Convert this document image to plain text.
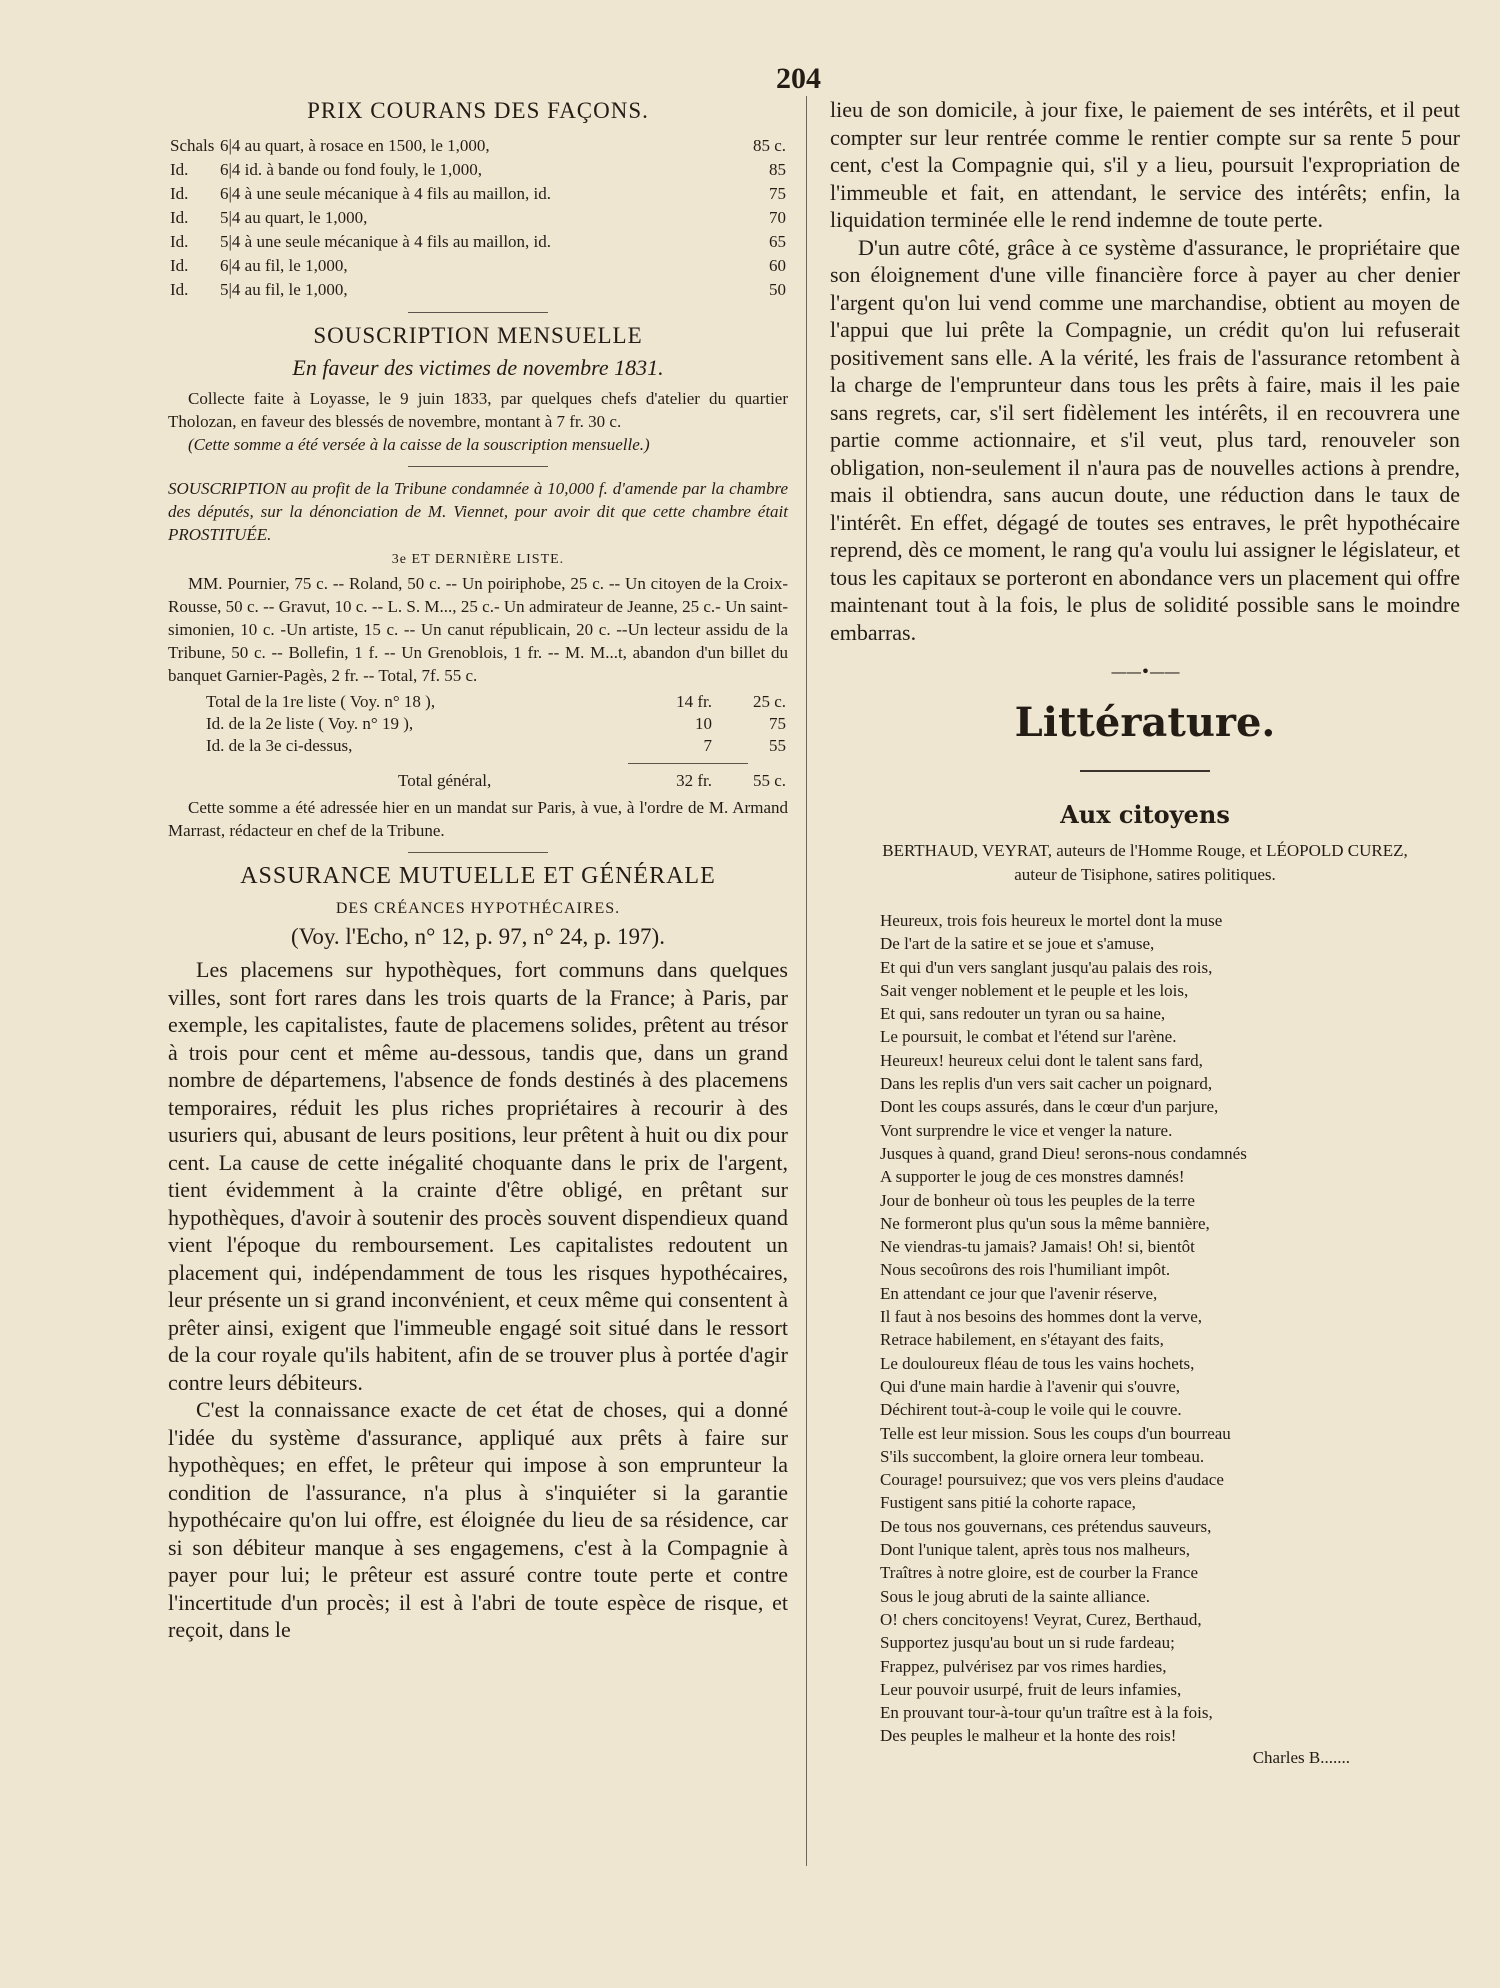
204
PRIX COURANS DES FAÇONS.
Schals	6|4 au quart, à rosace en 1500, le 1,000,	85 c.
Id.	6|4 id. à bande ou fond fouly, le 1,000,	85
Id.	6|4 à une seule mécanique à 4 fils au maillon, id.	75
Id.	5|4 au quart, le 1,000,	70
Id.	5|4 à une seule mécanique à 4 fils au maillon, id.	65
Id.	6|4 au fil, le 1,000,	60
Id.	5|4 au fil, le 1,000,	50
SOUSCRIPTION MENSUELLE
En faveur des victimes de novembre 1831.
Collecte faite à Loyasse, le 9 juin 1833, par quelques chefs d'atelier du quartier Tholozan, en faveur des blessés de novembre, montant à 7 fr. 30 c.
(Cette somme a été versée à la caisse de la souscription mensuelle.)
SOUSCRIPTION au profit de la Tribune condamnée à 10,000 f. d'amende par la chambre des députés, sur la dénonciation de M. Viennet, pour avoir dit que cette chambre était PROSTITUÉE.
3e ET DERNIÈRE LISTE.
MM. Pournier, 75 c. -- Roland, 50 c. -- Un poiriphobe, 25 c. -- Un citoyen de la Croix-Rousse, 50 c. -- Gravut, 10 c. -- L. S. M..., 25 c.- Un admirateur de Jeanne, 25 c.- Un saint-simonien, 10 c. -Un artiste, 15 c. -- Un canut républicain, 20 c. --Un lecteur assidu de la Tribune, 50 c. -- Bollefin, 1 f. -- Un Grenoblois, 1 fr. -- M. M...t, abandon d'un billet du banquet Garnier-Pagès, 2 fr. -- Total, 7f. 55 c.
Total de la 1re liste ( Voy. n° 18 ),	14 fr.	25 c.
Id. de la 2e liste ( Voy. n° 19 ),	10	75
Id. de la 3e ci-dessus,	7	55
Total général,	32 fr.	55 c.
Cette somme a été adressée hier en un mandat sur Paris, à vue, à l'ordre de M. Armand Marrast, rédacteur en chef de la Tribune.
ASSURANCE MUTUELLE ET GÉNÉRALE
DES CRÉANCES HYPOTHÉCAIRES.
(Voy. l'Echo, n° 12, p. 97, n° 24, p. 197).

Les placemens sur hypothèques, fort communs dans quelques villes, sont fort rares dans les trois quarts de la France; à Paris, par exemple, les capitalistes, faute de placemens solides, prêtent au trésor à trois pour cent et même au-dessous, tandis que, dans un grand nombre de départemens, l'absence de fonds destinés à des placemens temporaires, réduit les plus riches propriétaires à recourir à des usuriers qui, abusant de leurs positions, leur prêtent à huit ou dix pour cent. La cause de cette inégalité choquante dans le prix de l'argent, tient évidemment à la crainte d'être obligé, en prêtant sur hypothèques, d'avoir à soutenir des procès souvent dispendieux quand vient l'époque du remboursement. Les capitalistes redoutent un placement qui, indépendamment de tous les risques hypothécaires, leur présente un si grand inconvénient, et ceux même qui consentent à prêter ainsi, exigent que l'immeuble engagé soit situé dans le ressort de la cour royale qu'ils habitent, afin de se trouver plus à portée d'agir contre leurs débiteurs.

C'est la connaissance exacte de cet état de choses, qui a donné l'idée du système d'assurance, appliqué aux prêts à faire sur hypothèques; en effet, le prêteur qui impose à son emprunteur la condition de l'assurance, n'a plus à s'inquiéter si la garantie hypothécaire qu'on lui offre, est éloignée du lieu de sa résidence, car si son débiteur manque à ses engagemens, c'est à la Compagnie à payer pour lui; le prêteur est assuré contre toute perte et contre l'incertitude d'un procès; il est à l'abri de toute espèce de risque, et reçoit, dans le

lieu de son domicile, à jour fixe, le paiement de ses intérêts, et il peut compter sur leur rentrée comme le rentier compte sur sa rente 5 pour cent, c'est la Compagnie qui, s'il y a lieu, poursuit l'expropriation de l'immeuble et fait, en attendant, le service des intérêts; enfin, la liquidation terminée elle le rend indemne de toute perte.

D'un autre côté, grâce à ce système d'assurance, le propriétaire que son éloignement d'une ville financière force à payer au cher denier l'argent qu'on lui vend comme une marchandise, obtient au moyen de l'appui que lui prête la Compagnie, un crédit qu'on lui refuserait positivement sans elle. A la vérité, les frais de l'assurance retombent à la charge de l'emprunteur dans tous les prêts à faire, mais il les paie sans regrets, car, s'il sert fidèlement les intérêts, il en recouvrera une partie comme actionnaire, et s'il veut, plus tard, renouveler son obligation, non-seulement il n'aura pas de nouvelles actions à prendre, mais il obtiendra, sans aucun doute, une réduction dans le taux de l'intérêt. En effet, dégagé de toutes ses entraves, le prêt hypothécaire reprend, dès ce moment, le rang qu'a voulu lui assigner le législateur, et tous les capitaux se porteront en abondance vers un placement qui offre maintenant tout à la fois, le plus de solidité possible sans le moindre embarras.

——•——
Littérature.
Aux citoyens
BERTHAUD, VEYRAT, auteurs de l'Homme Rouge, et LÉOPOLD CUREZ, auteur de Tisiphone, satires politiques.
Heureux, trois fois heureux le mortel dont la muse
De l'art de la satire et se joue et s'amuse,
Et qui d'un vers sanglant jusqu'au palais des rois,
Sait venger noblement et le peuple et les lois,
Et qui, sans redouter un tyran ou sa haine,
Le poursuit, le combat et l'étend sur l'arène.
Heureux! heureux celui dont le talent sans fard,
Dans les replis d'un vers sait cacher un poignard,
Dont les coups assurés, dans le cœur d'un parjure,
Vont surprendre le vice et venger la nature.
Jusques à quand, grand Dieu! serons-nous condamnés
A supporter le joug de ces monstres damnés!
Jour de bonheur où tous les peuples de la terre
Ne formeront plus qu'un sous la même bannière,
Ne viendras-tu jamais? Jamais! Oh! si, bientôt
Nous secoûrons des rois l'humiliant impôt.
En attendant ce jour que l'avenir réserve,
Il faut à nos besoins des hommes dont la verve,
Retrace habilement, en s'étayant des faits,
Le douloureux fléau de tous les vains hochets,
Qui d'une main hardie à l'avenir qui s'ouvre,
Déchirent tout-à-coup le voile qui le couvre.
Telle est leur mission. Sous les coups d'un bourreau
S'ils succombent, la gloire ornera leur tombeau.
Courage! poursuivez; que vos vers pleins d'audace
Fustigent sans pitié la cohorte rapace,
De tous nos gouvernans, ces prétendus sauveurs,
Dont l'unique talent, après tous nos malheurs,
Traîtres à notre gloire, est de courber la France
Sous le joug abruti de la sainte alliance.
O! chers concitoyens! Veyrat, Curez, Berthaud,
Supportez jusqu'au bout un si rude fardeau;
Frappez, pulvérisez par vos rimes hardies,
Leur pouvoir usurpé, fruit de leurs infamies,
En prouvant tour-à-tour qu'un traître est à la fois,
Des peuples le malheur et la honte des rois!
Charles B.......
